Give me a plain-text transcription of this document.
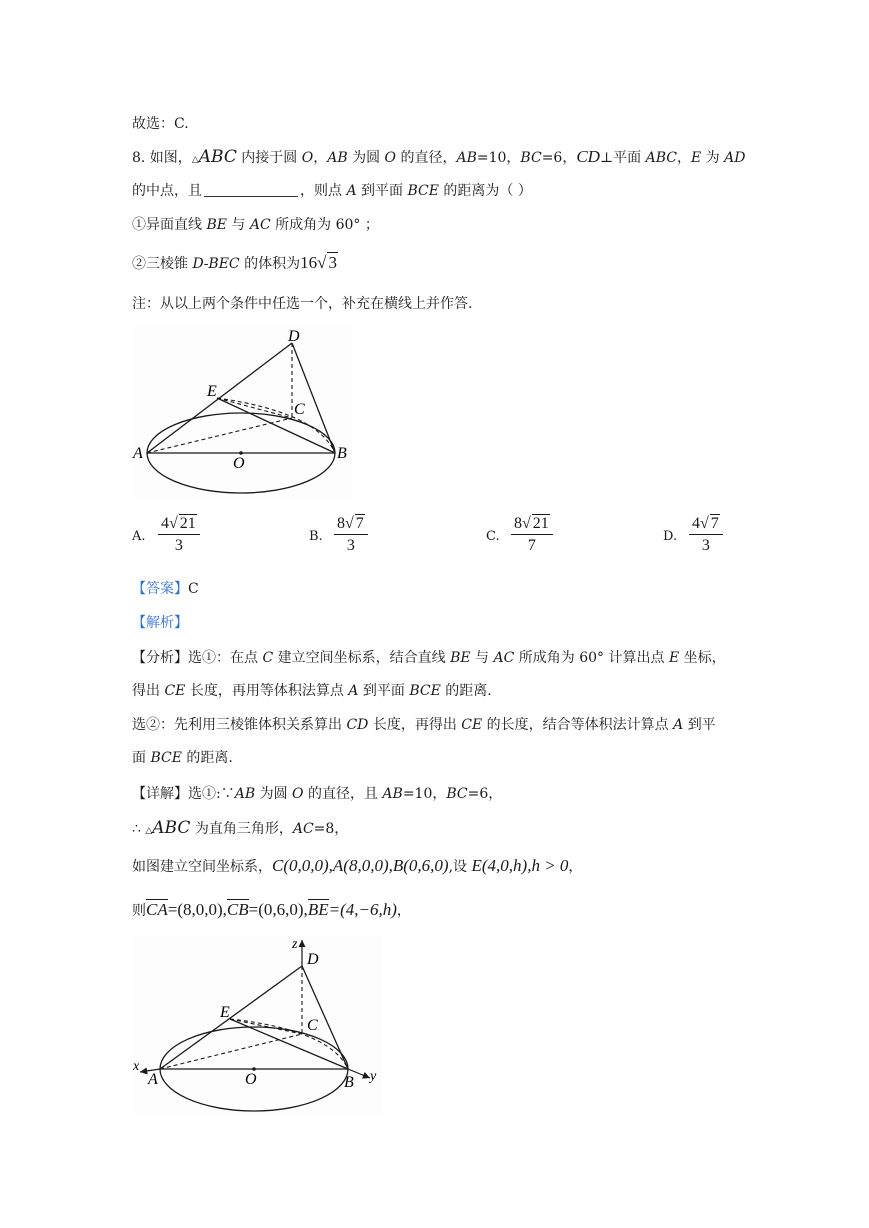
故选：C.
8. 如图，△ABC 内接于圆 O，AB 为圆 O 的直径，AB=10，BC=6，CD⊥平面 ABC，E 为 AD
的中点，且	，则点 A 到平面 BCE 的距离为（ ）
①异面直线 BE 与 AC 所成角为 60° ；
②三棱锥 D-BEC 的体积为16√ 3
注：从以上两个条件中任选一个，补充在横线上并作答.
D
E
C
A
O
B
A. $\frac{4√ 21}{3}$	B. $\frac{8√ 7}{3}$	C. $\frac{8√ 21}{7}$	D. $\frac{4√ 7}{3}$
【答案】C
【解析】
【分析】选①：在点 C 建立空间坐标系，结合直线 BE 与 AC 所成角为 60° 计算出点 E 坐标，
得出 CE 长度，再用等体积法算点 A 到平面 BCE 的距离.
选②：先利用三棱锥体积关系算出 CD 长度，再得出 CE 的长度，结合等体积法计算点 A 到平
面 BCE 的距离.
【详解】选①:∵AB 为圆 O 的直径，且 AB=10，BC=6，
∴ △ABC 为直角三角形，AC=8，
如图建立空间坐标系，C(0,0,0),A(8,0,0),B(0,6,0),设 E(4,0,h),h > 0，
则CA=(8,0,0),CB=(0,6,0),BE=(4,−6,h)，
z
D
E
C
x
A	O	B y
